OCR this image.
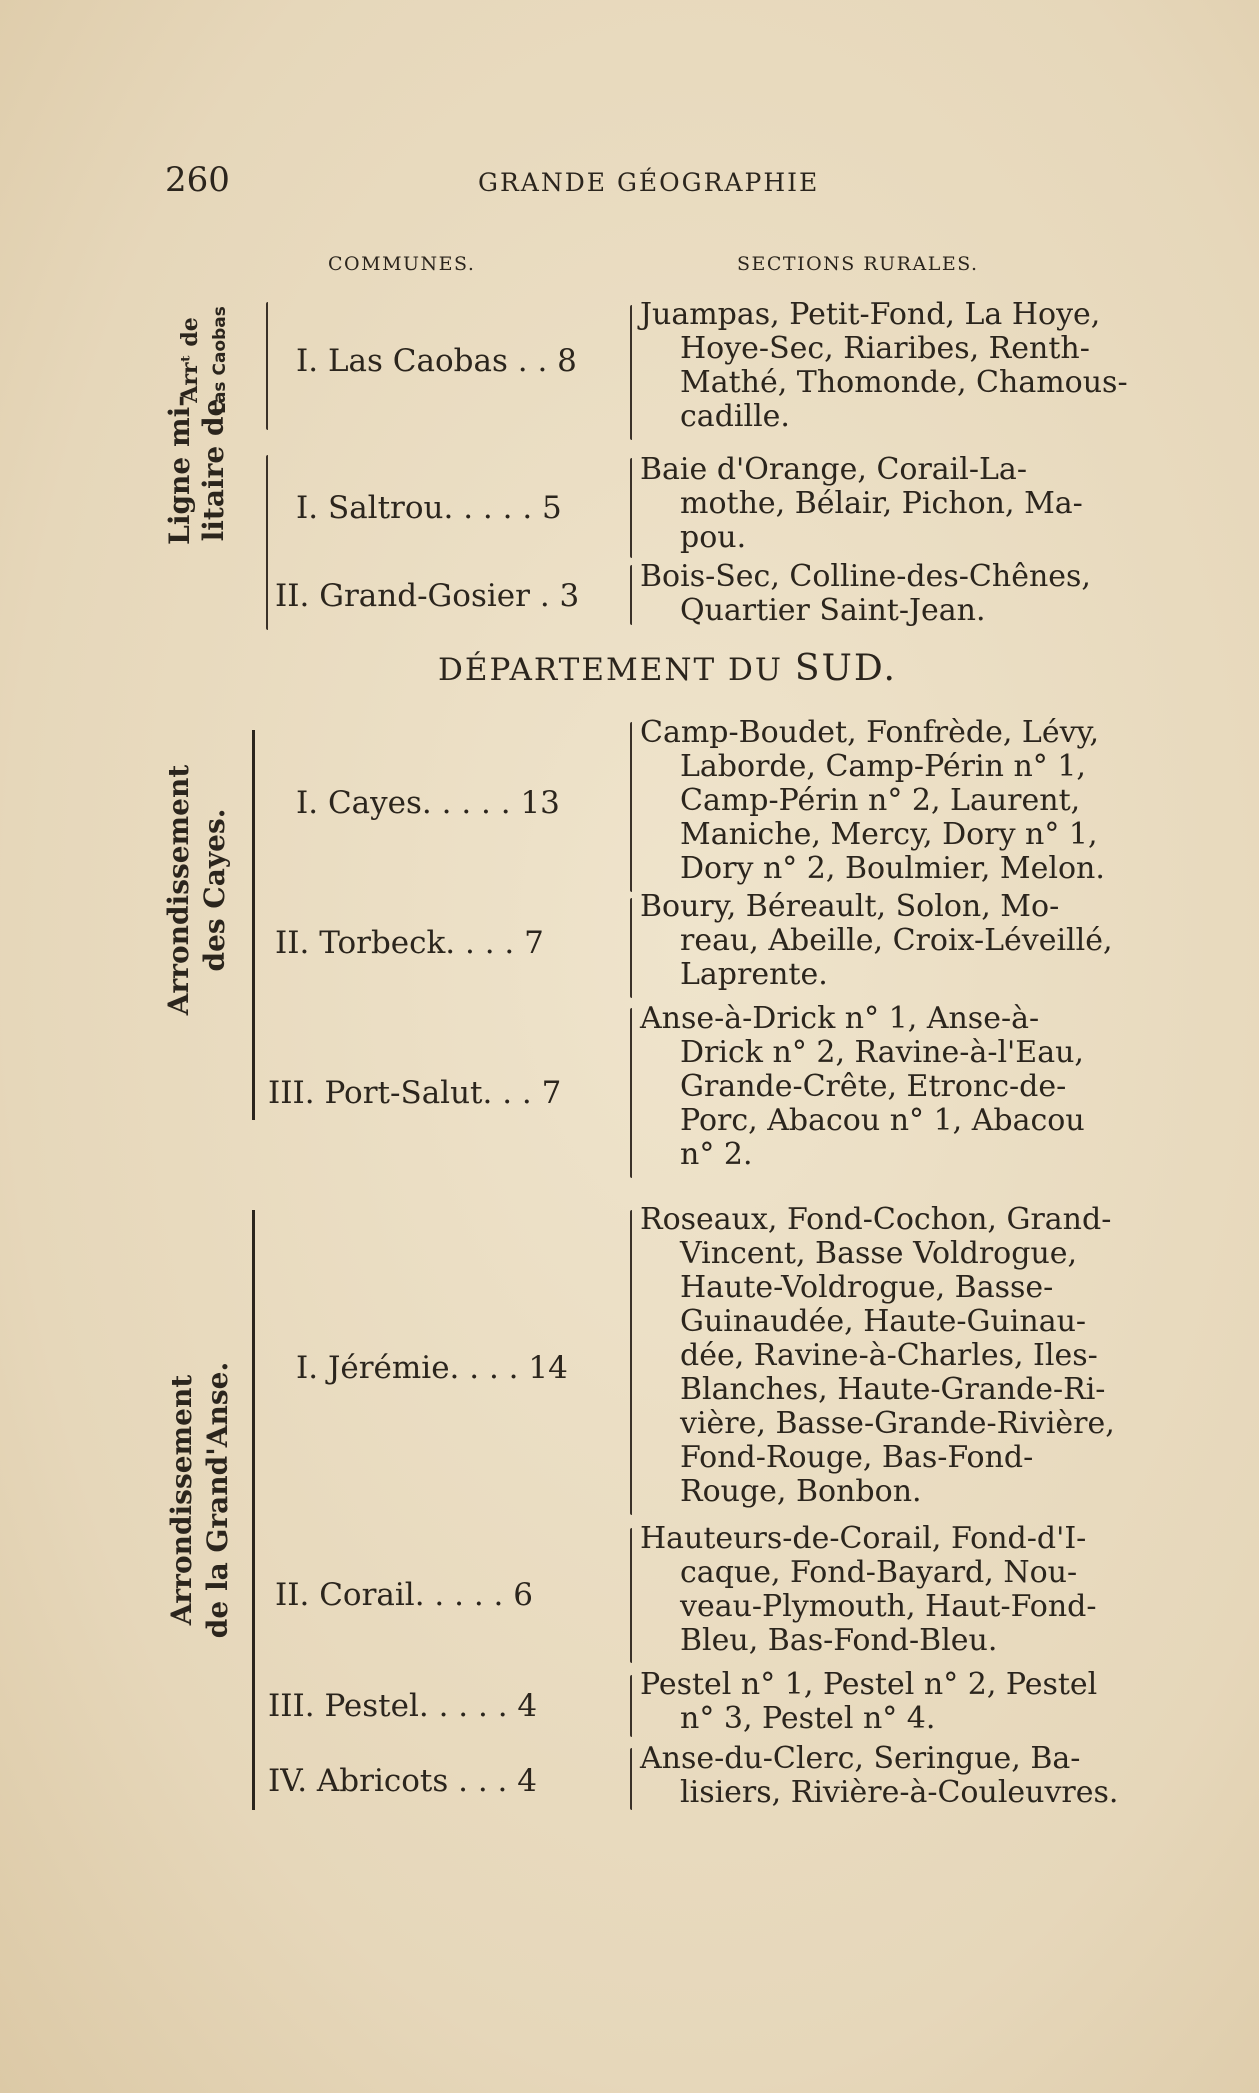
260	GRANDE GÉOGRAPHIE
COMMUNES.	SECTIONS RURALES.
Ligne mi- litaire de
Arrᵗ de Las Caobas I. Las Caobas . . 8
Juampas, Petit-Fond, La Hoye,
Hoye-Sec, Riaribes, Renth-
Mathé, Thomonde, Chamous-
cadille.
I. Saltrou. . . . . 5
Baie d'Orange, Corail-La-
mothe, Bélair, Pichon, Ma-
pou.
II. Grand-Gosier . 3
Bois-Sec, Colline-des-Chênes,
Quartier Saint-Jean.
DÉPARTEMENT DU SUD.
Arrondissement des Cayes.
I. Cayes. . . . . 13
Camp-Boudet, Fonfrède, Lévy,
Laborde, Camp-Périn n° 1,
Camp-Périn n° 2, Laurent,
Maniche, Mercy, Dory n° 1,
Dory n° 2, Boulmier, Melon.
II. Torbeck. . . . 7
Boury, Béreault, Solon, Mo-
reau, Abeille, Croix-Léveillé,
Laprente.
III. Port-Salut. . . 7
Anse-à-Drick n° 1, Anse-à-
Drick n° 2, Ravine-à-l'Eau,
Grande-Crête, Etronc-de-
Porc, Abacou n° 1, Abacou
n° 2.
Arrondissement de la Grand'Anse. I. Jérémie. . . . 14
Roseaux, Fond-Cochon, Grand-
Vincent, Basse Voldrogue,
Haute-Voldrogue, Basse-
Guinaudée, Haute-Guinau-
dée, Ravine-à-Charles, Iles-
Blanches, Haute-Grande-Ri-
vière, Basse-Grande-Rivière,
Fond-Rouge, Bas-Fond-
Rouge, Bonbon.
II. Corail. . . . . 6
Hauteurs-de-Corail, Fond-d'I-
caque, Fond-Bayard, Nou-
veau-Plymouth, Haut-Fond-
Bleu, Bas-Fond-Bleu.
III. Pestel. . . . . 4
Pestel n° 1, Pestel n° 2, Pestel
n° 3, Pestel n° 4.
IV. Abricots . . . 4
Anse-du-Clerc, Seringue, Ba-
lisiers, Rivière-à-Couleuvres.
